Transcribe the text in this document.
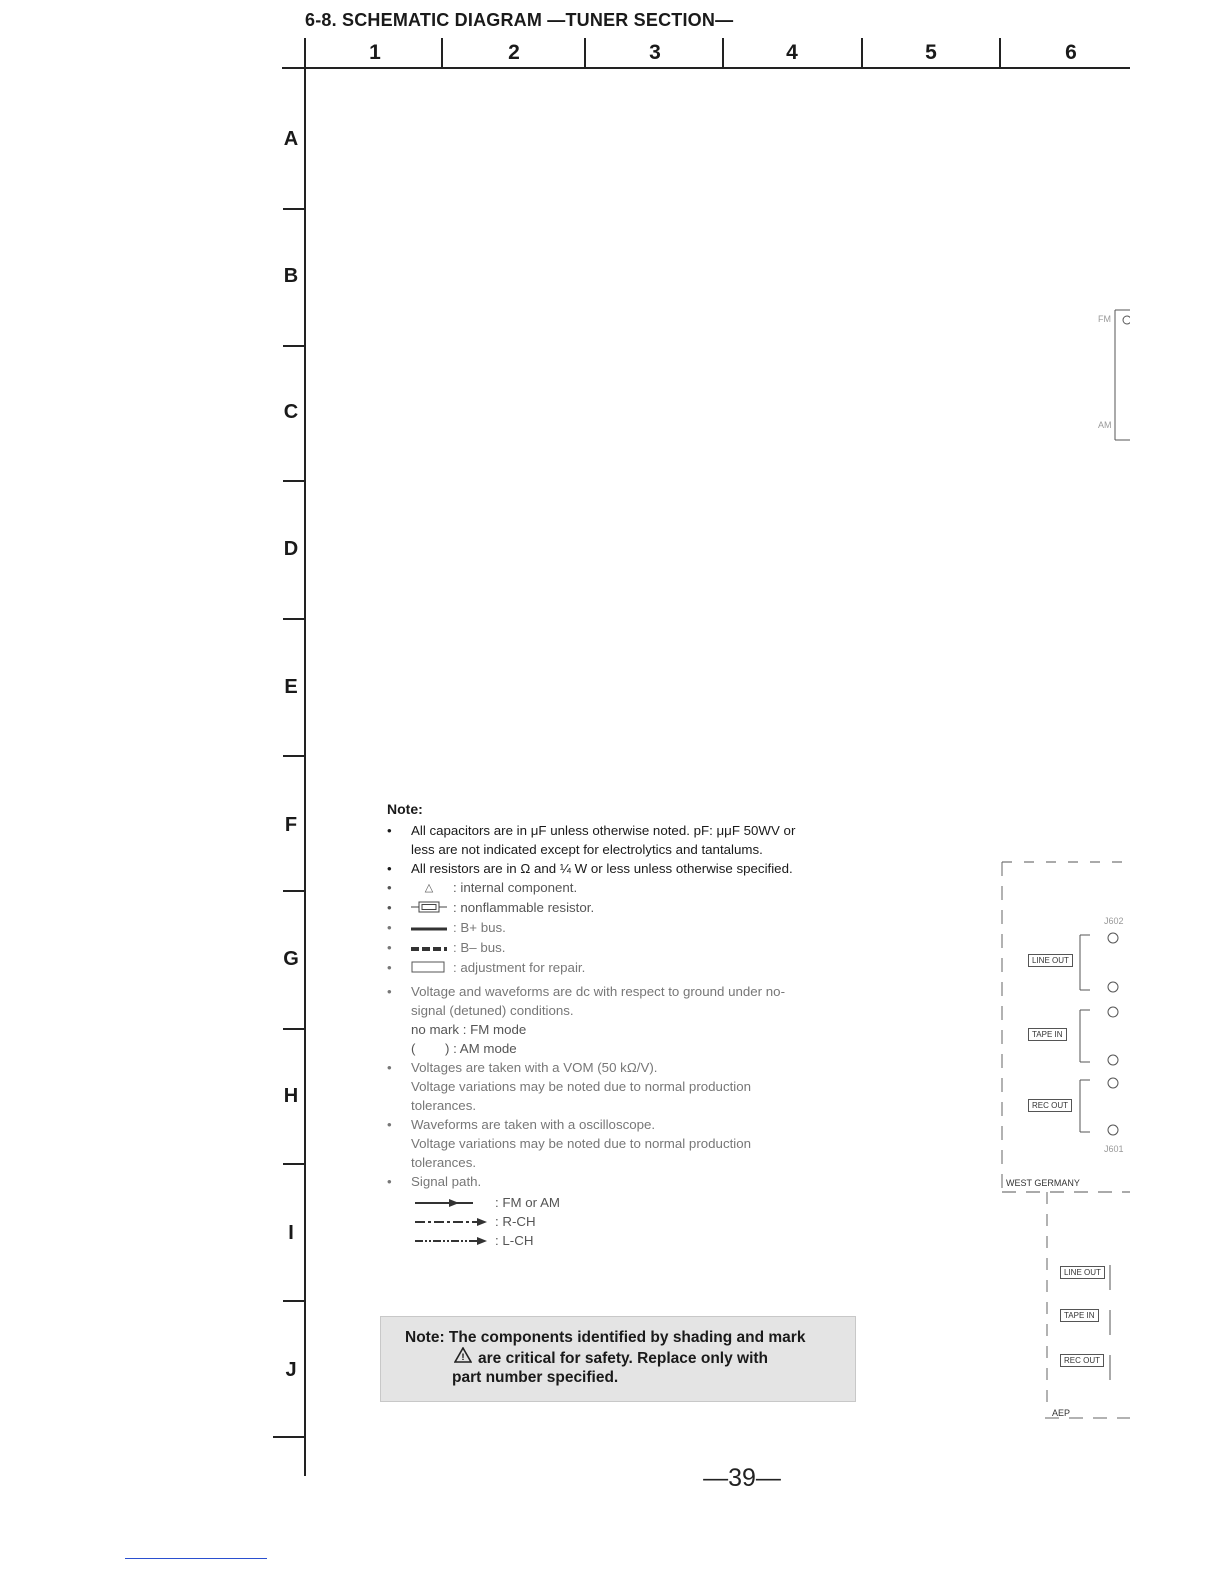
6-8. SCHEMATIC DIAGRAM —TUNER SECTION—
1	2	3	4	5	6
A
B
C
D
E
F
G
H
I
J
Note:
• All capacitors are in μF unless otherwise noted. pF: μμF 50WV or less are not indicated except for electrolytics and tantalums.
• All resistors are in Ω and ¼ W or less unless otherwise specified.
• △ : internal component.
• : nonflammable resistor.
• : B+ bus.
• : B– bus.
• : adjustment for repair.
• Voltage and waveforms are dc with respect to ground under no-signal (detuned) conditions.
no mark : FM mode
(        ) : AM mode
• Voltages are taken with a VOM (50 kΩ/V).
Voltage variations may be noted due to normal production tolerances.
• Waveforms are taken with a oscilloscope.
Voltage variations may be noted due to normal production tolerances.
• Signal path.
: FM or AM
: R-CH
: L-CH
Note: The components identified by shading and mark
! are critical for safety. Replace only with
part number specified.
—39—
FM
AM
J602
LINE OUT
TAPE IN
REC OUT
J601
WEST GERMANY
LINE OUT
TAPE IN
REC OUT
AEP
